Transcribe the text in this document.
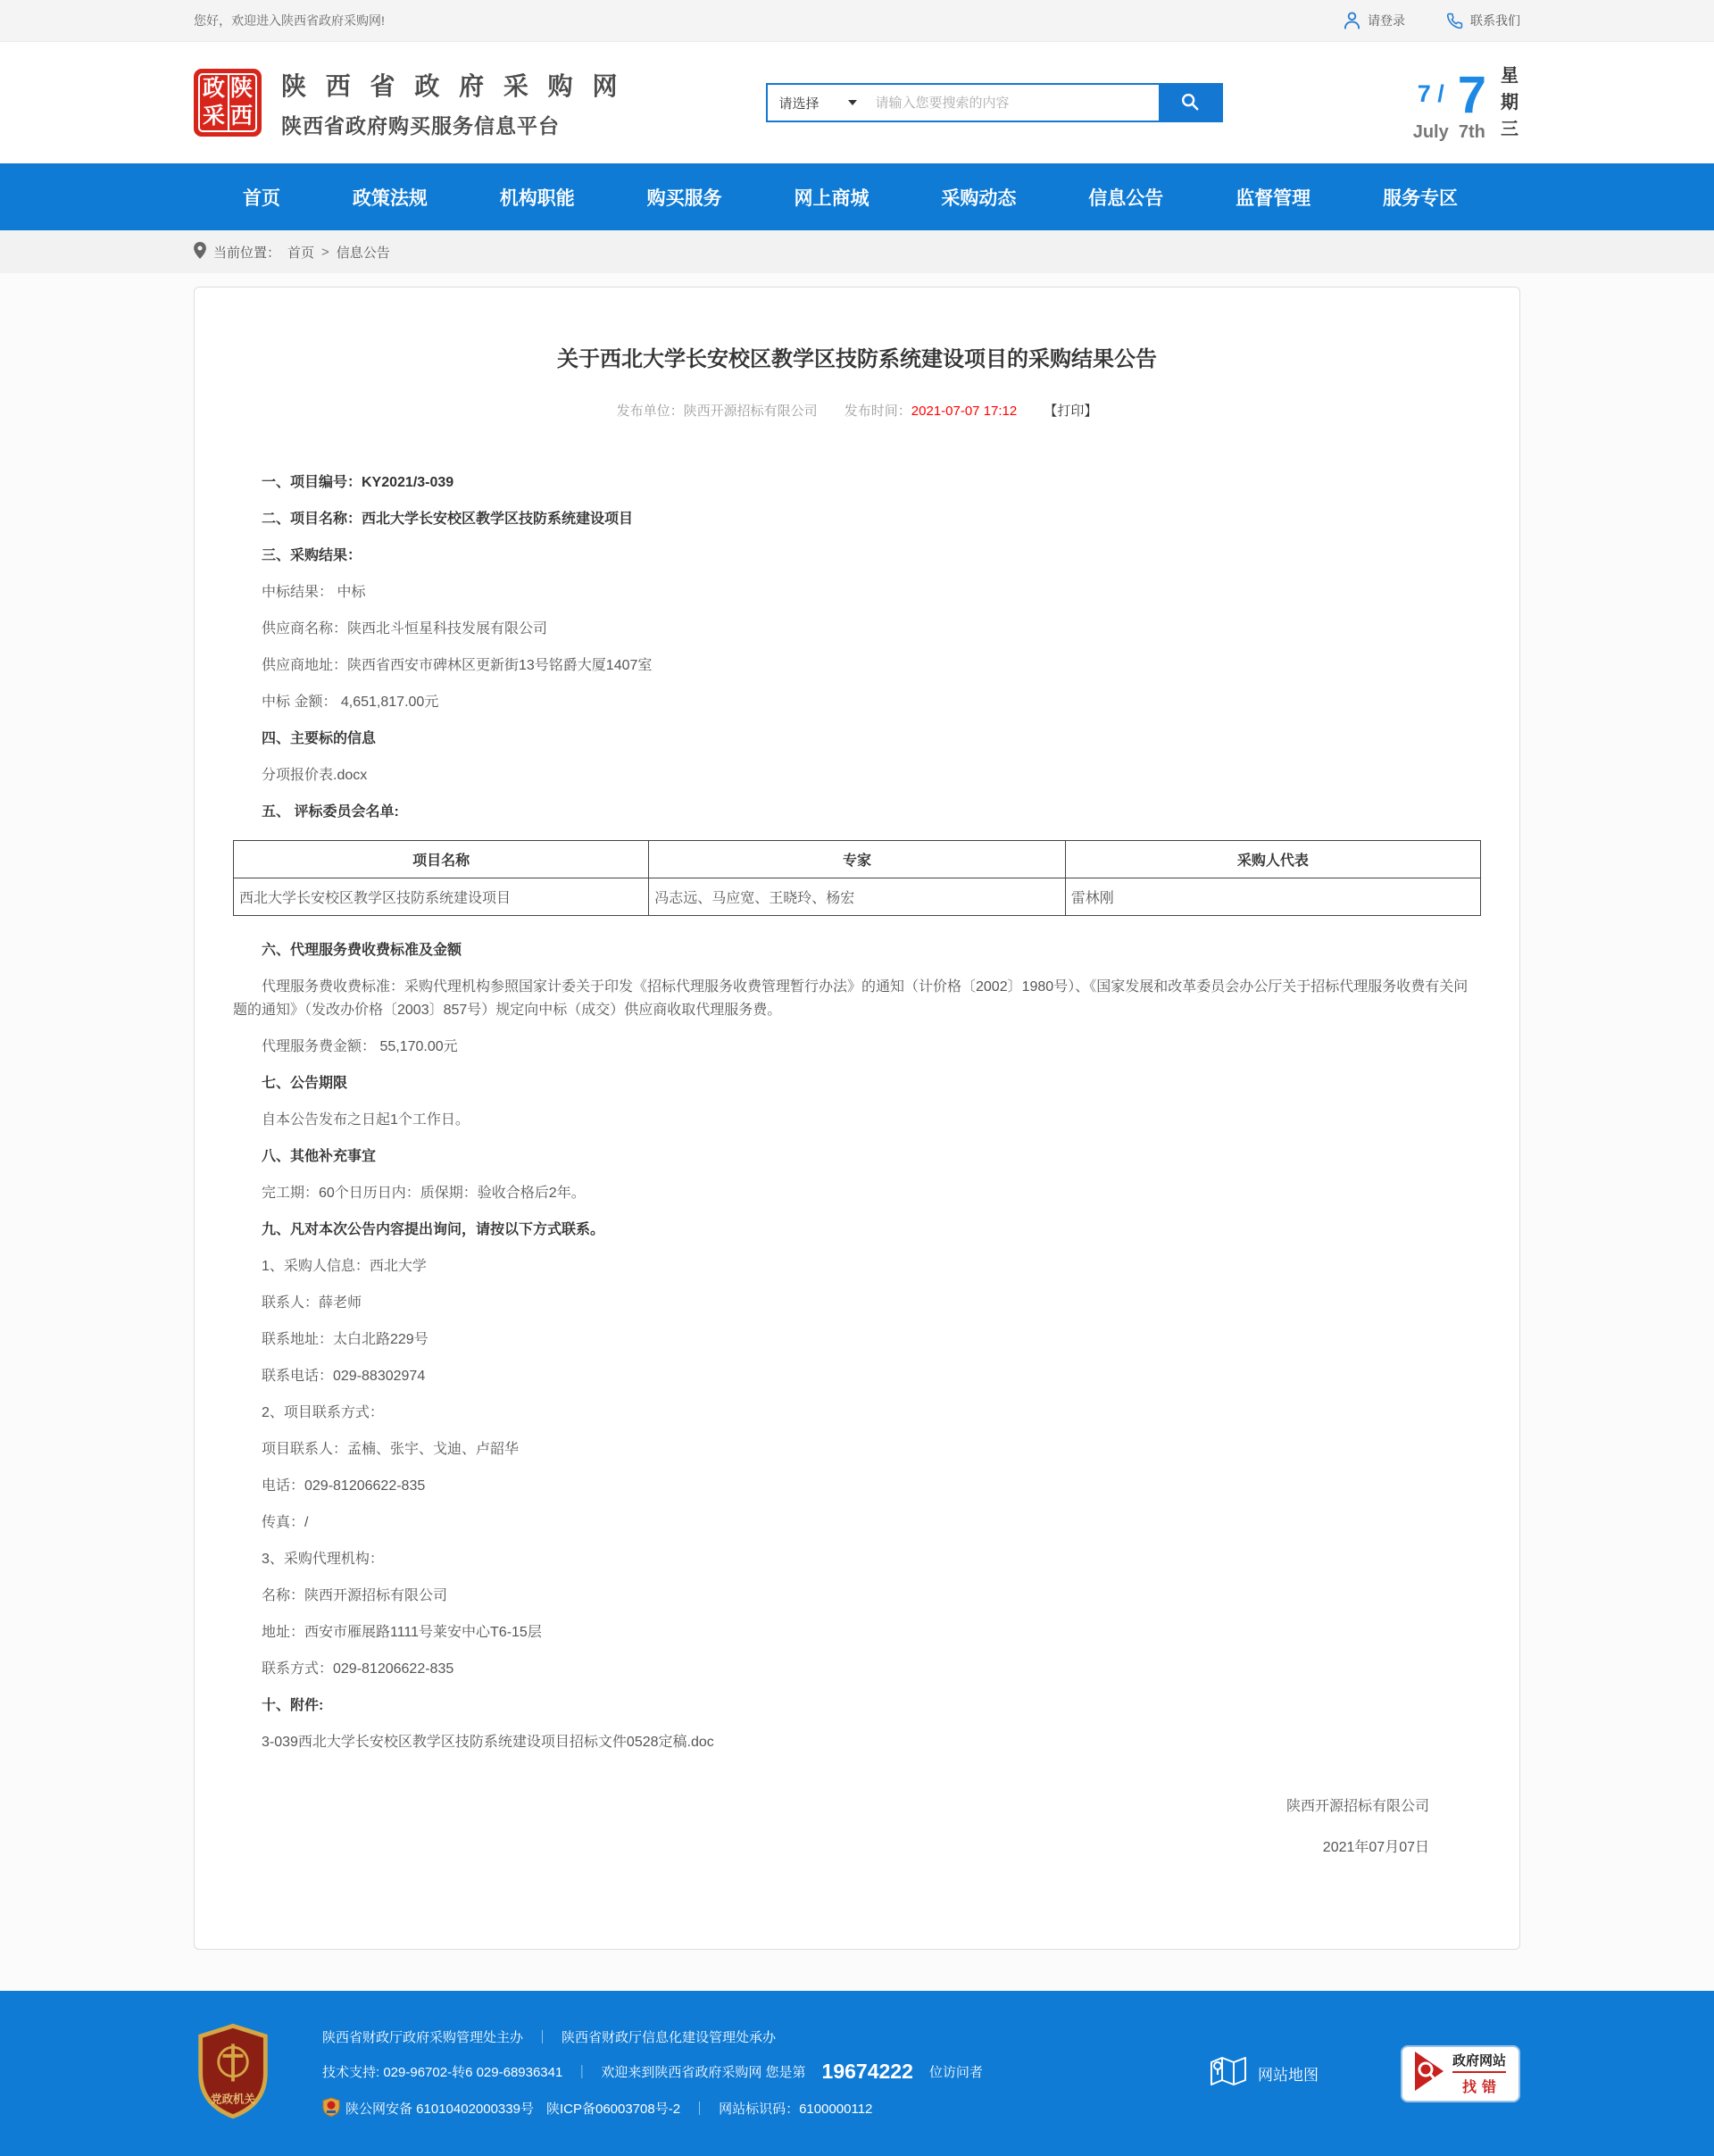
您好，欢迎进入陕西省政府采购网!	请登录	联系我们
政 陕
采 西
陕 西 省 政 府 采 购 网
陕西省政府购买服务信息平台
请选择
请输入您要搜索的内容	7 /
July
7
7th
星期三
首页	政策法规	机构职能	购买服务	网上商城	采购动态	信息公告	监督管理	服务专区
当前位置： 首页 > 信息公告
关于西北大学长安校区教学区技防系统建设项目的采购结果公告
发布单位：陕西开源招标有限公司 发布时间：2021-07-07 17:12 【打印】

一、项目编号：KY2021/3-039

二、项目名称：西北大学长安校区教学区技防系统建设项目

三、采购结果：

中标结果： 中标

供应商名称：陕西北斗恒星科技发展有限公司

供应商地址：陕西省西安市碑林区更新街13号铭爵大厦1407室

中标 金额： 4,651,817.00元

四、主要标的信息

分项报价表.docx

五、 评标委员会名单:

项目名称	专家	采购人代表
西北大学长安校区教学区技防系统建设项目	冯志远、马应宽、王晓玲、杨宏	雷林刚

六、代理服务费收费标准及金额

代理服务费收费标准：采购代理机构参照国家计委关于印发《招标代理服务收费管理暂行办法》的通知（计价格〔2002〕1980号）、《国家发展和改革委员会办公厅关于招标代理服务收费有关问题的通知》（发改办价格〔2003〕857号）规定向中标（成交）供应商收取代理服务费。

代理服务费金额： 55,170.00元

七、公告期限

自本公告发布之日起1个工作日。

八、其他补充事宜

完工期：60个日历日内：质保期：验收合格后2年。

九、凡对本次公告内容提出询问，请按以下方式联系。

1、采购人信息：西北大学

联系人：薛老师

联系地址：太白北路229号

联系电话：029-88302974

2、项目联系方式：

项目联系人：孟楠、张宇、戈迪、卢韶华

电话：029-81206622-835

传真：/

3、采购代理机构：

名称：陕西开源招标有限公司

地址：西安市雁展路1111号莱安中心T6-15层

联系方式：029-81206622-835

十、附件:

3-039西北大学长安校区教学区技防系统建设项目招标文件0528定稿.doc

陕西开源招标有限公司

2021年07月07日

党政机关
陕西省财政厅政府采购管理处主办 ｜ 陕西省财政厅信息化建设管理处承办
技术支持: 029-96702-转6 029-68936341 ｜ 欢迎来到陕西省政府采购网 您是第 19674222 位访问者
陕公网安备 61010402000339号 陕ICP备06003708号-2 ｜ 网站标识码：6100000112
网站地图
政府网站
找错
